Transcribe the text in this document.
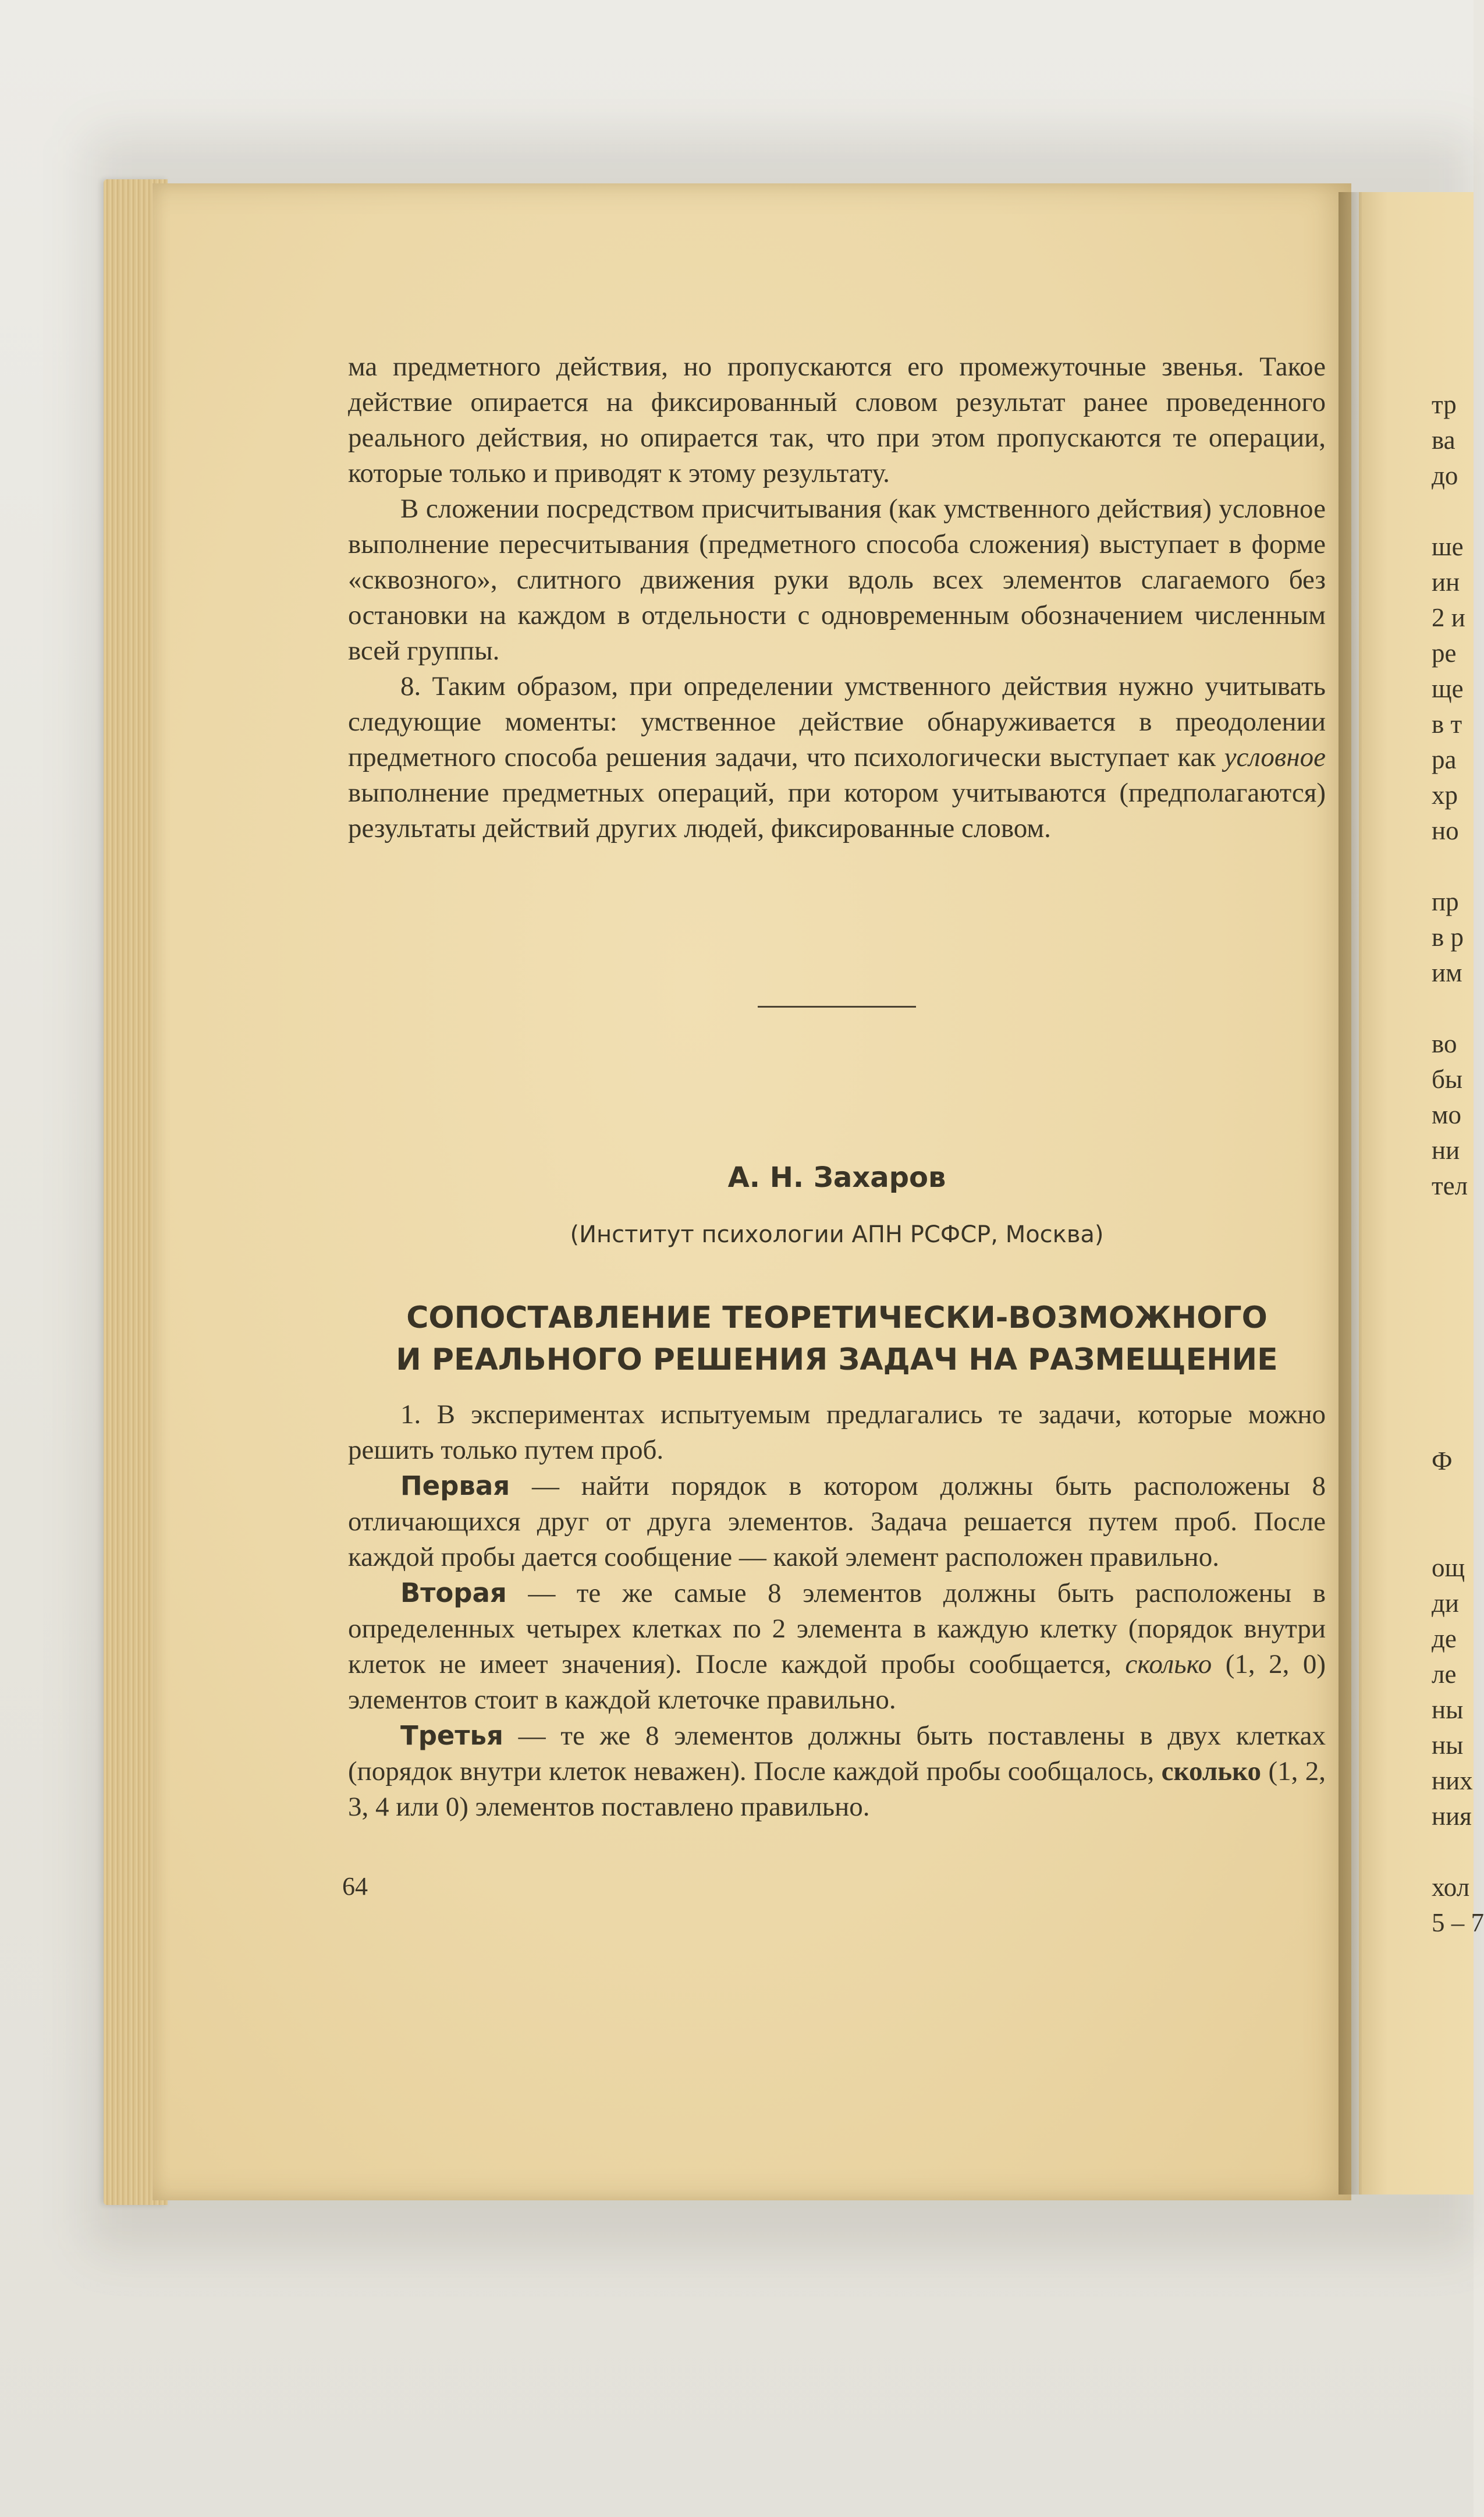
ма предметного действия, но пропускаются его промежуточные звенья. Такое действие опирается на фиксированный словом результат ранее проведенного реального действия, но опирается так, что при этом пропускаются те операции, которые только и приводят к этому результату.

В сложении посредством присчитывания (как умственного действия) условное выполнение пересчитывания (предметного способа сложения) выступает в форме «сквозного», слитного движения руки вдоль всех элементов слагаемого без остановки на каждом в отдельности с одновременным обозначением численным всей группы.

8. Таким образом, при определении умственного действия нужно учитывать следующие моменты: умственное действие обнаруживается в преодолении предметного способа решения задачи, что психологически выступает как условное выполнение предметных операций, при котором учитываются (предполагаются) результаты действий других людей, фиксированные словом.

А. Н. Захаров
(Институт психологии АПН РСФСР, Москва)
СОПОСТАВЛЕНИЕ ТЕОРЕТИЧЕСКИ-ВОЗМОЖНОГО
И РЕАЛЬНОГО РЕШЕНИЯ ЗАДАЧ НА РАЗМЕЩЕНИЕ

1. В экспериментах испытуемым предлагались те задачи, которые можно решить только путем проб.

Первая — найти порядок в котором должны быть расположены 8 отличающихся друг от друга элементов. Задача решается путем проб. После каждой пробы дается сообщение — какой элемент расположен правильно.

Вторая — те же самые 8 элементов должны быть расположены в определенных четырех клетках по 2 элемента в каждую клетку (порядок внутри клеток не имеет значения). После каждой пробы сообщается, сколько (1, 2, 0) элементов стоит в каждой клеточке правильно.

Третья — те же 8 элементов должны быть поставлены в двух клетках (порядок внутри клеток неважен). После каждой пробы сообщалось, сколько (1, 2, 3, 4 или 0) элементов поставлено правильно.

64
тр
ва
до

ше
ин
2 и
ре
ще
в т
ра
хр
но

пр
в р
им

во
бы
мо
ни
тел
Ф

ощ
ди
де
ле
ны
ны
них
ния

хол
5 – 7
